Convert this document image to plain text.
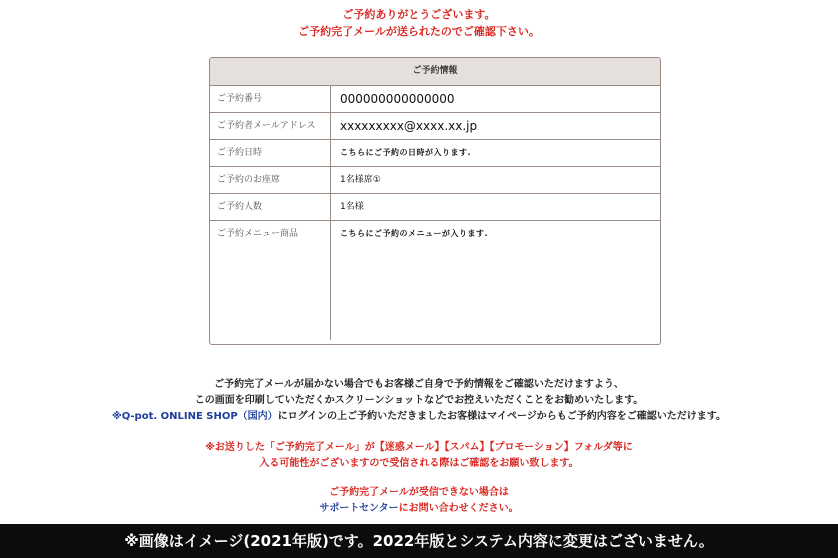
ご予約ありがとうございます。
ご予約完了メールが送られたのでご確認下さい。
ご予約情報
ご予約番号	000000000000000
ご予約者メールアドレス	xxxxxxxxx@xxxx.xx.jp
ご予約日時	こちらにご予約の日時が入ります.
ご予約のお座席	1名様席①
ご予約人数	1名様
ご予約メニュー商品	こちらにご予約のメニューが入ります.
ご予約完了メールが届かない場合でもお客様ご自身で予約情報をご確認いただけますよう、
この画面を印刷していただくかスクリーンショットなどでお控えいただくことをお勧めいたします。
※Q-pot. ONLINE SHOP（国内）にログインの上ご予約いただきましたお客様はマイページからもご予約内容をご確認いただけます。
※お送りした「ご予約完了メール」が【迷惑メール】【スパム】【プロモーション】フォルダ等に
入る可能性がございますので受信される際はご確認をお願い致します。
ご予約完了メールが受信できない場合は
サポートセンターにお問い合わせください。
※画像はイメージ(2021年版)です。2022年版とシステム内容に変更はございません。
